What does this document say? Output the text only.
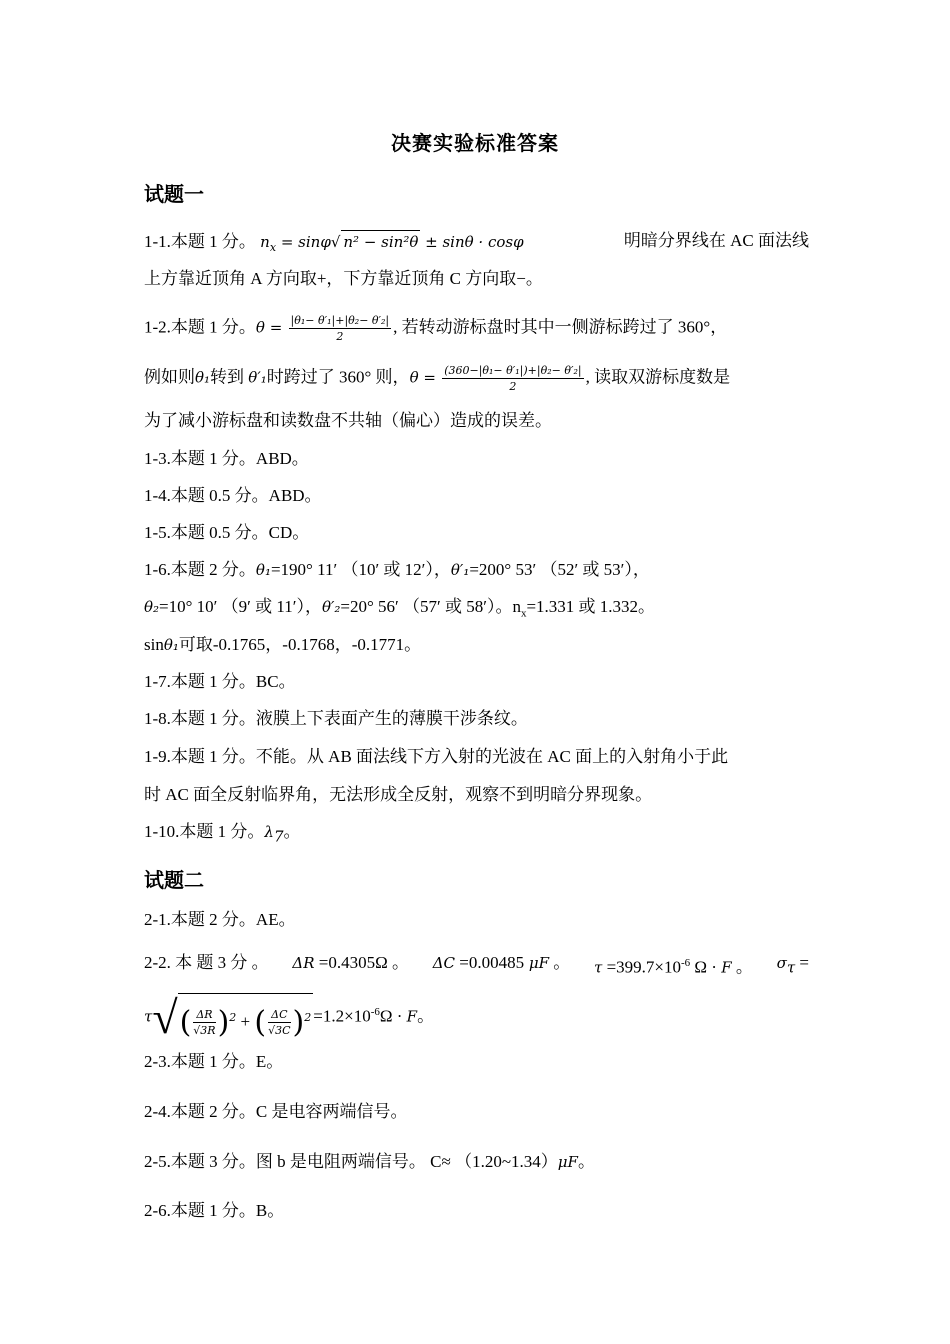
决赛实验标准答案
试题一
1-1.本题 1 分。 $n_x = \sin\varphi√$ n² − sin²θ ± sinθ · cosφ	明暗分界线在 AC 面法线
上方靠近顶角 A 方向取+，下方靠近顶角 C 方向取−。
1-2.本题 1 分。$\theta = \frac{\text{|θ₁− θ′₁|+|θ₂− θ′₂|}}{2}$ , 若转动游标盘时其中一侧游标跨过了 360°，
例如则θ₁转到 θ′₁时跨过了 360° 则，$\theta = \frac{\text{(360−|θ₁− θ′₁|)+|θ₂− θ′₂|}}{2}$ , 读取双游标度数是
为了减小游标盘和读数盘不共轴（偏心）造成的误差。
1-3.本题 1 分。ABD。
1-4.本题 0.5 分。ABD。
1-5.本题 0.5 分。CD。
1-6.本题 2 分。θ₁=190° 11′ （10′ 或 12′），θ′₁=200° 53′ （52′ 或 53′），
θ₂=10° 10′ （9′ 或 11′），θ′₂=20° 56′ （57′ 或 58′）。$n_x=1.331$ 或 1.332。
sinθ₁可取-0.1765，-0.1768，-0.1771。
1-7.本题 1 分。BC。
1-8.本题 1 分。液膜上下表面产生的薄膜干涉条纹。
1-9.本题 1 分。不能。从 AB 面法线下方入射的光波在 AC 面上的入射角小于此
时 AC 面全反射临界角，无法形成全反射，观察不到明暗分界现象。
1-10.本题 1 分。$\lambda_7$。
试题二
2-1.本题 2 分。AE。
2-2. 本 题 3 分 。 ΔR =0.4305Ω 。 ΔC =0.00485 μF 。 $\tau =399.7\times 10^{-6}$ Ω · F 。 $\sigma_\tau$ =
$\tau√( \frac{\Delta R}{√3R} )^2$ + ( $\frac{\Delta C}{√3C} )^2 =1.2\times 10^{-6}\Omega \cdot F$。
2-3.本题 1 分。E。
2-4.本题 2 分。C 是电容两端信号。
2-5.本题 3 分。图 b 是电阻两端信号。 C≈ （1.20~1.34）μF。
2-6.本题 1 分。B。
